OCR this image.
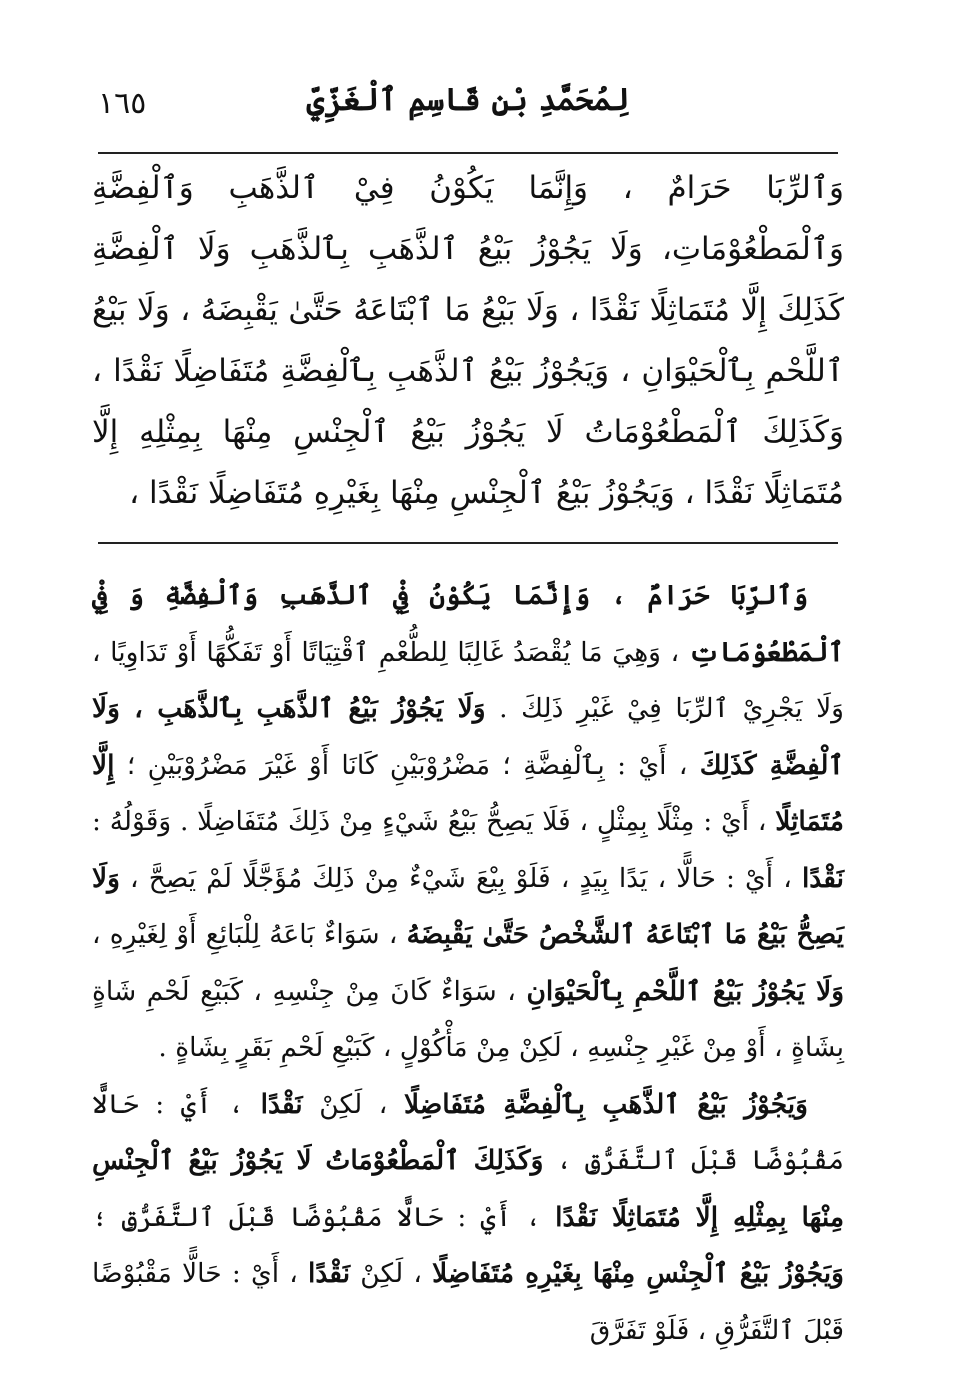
١٦٥	لِمُحَمَّدِ بْنِ قَاسِمِ ٱلْغَزِّيِّ

وَٱلرِّبَا حَرَامٌ ، وَإِنَّمَا يَكُوْنُ فِيْ ٱلذَّهَبِ وَٱلْفِضَّةِ وَٱلْمَطْعُوْمَاتِ، وَلَا يَجُوْزُ بَيْعُ ٱلذَّهَبِ بِٱلذَّهَبِ وَلَا ٱلْفِضَّةِ كَذَلِكَ إِلَّا مُتَمَاثِلًا نَقْدًا ، وَلَا بَيْعُ مَا ٱبْتَاعَهُ حَتَّىٰ يَقْبِضَهُ ، وَلَا بَيْعُ ٱللَّحْمِ بِٱلْحَيْوَانِ ، وَيَجُوْزُ بَيْعُ ٱلذَّهَبِ بِٱلْفِضَّةِ مُتَفَاضِلًا نَقْدًا ، وَكَذَلِكَ ٱلْمَطْعُوْمَاتُ لَا يَجُوْزُ بَيْعُ ٱلْجِنْسِ مِنْهَا بِمِثْلِهِ إِلَّا مُتَمَاثِلًا نَقْدًا ، وَيَجُوْزُ بَيْعُ ٱلْجِنْسِ مِنْهَا بِغَيْرِهِ مُتَفَاضِلًا نَقْدًا ،

وَٱلرِّبَا حَرَامٌ ، وَإِنَّمَا يَكُوْنُ فِيْ ٱلذَّهَبِ وَٱلْفِضَّةِ وَ فِيْ ٱلْمَطْعُوْمَاتِ ، وَهِيَ مَا يُقْصَدُ غَالِبًا لِلطُّعْمِ ٱقْتِيَاتًا أَوْ تَفَكُّهًا أَوْ تَدَاوِيًا ، وَلَا يَجْرِيْ ٱلرِّبَا فِيْ غَيْرِ ذَلِكَ . وَلَا يَجُوْزُ بَيْعُ ٱلذَّهَبِ بِٱلذَّهَبِ ، وَلَا ٱلْفِضَّةِ كَذَلِكَ ، أَيْ : بِٱلْفِضَّةِ ؛ مَضْرُوْبَيْنِ كَانَا أَوْ غَيْرَ مَضْرُوْبَيْنِ ؛ إِلَّا مُتَمَاثِلًا ، أَيْ : مِثْلًا بِمِثْلٍ ، فَلَا يَصِحُّ بَيْعُ شَيْءٍ مِنْ ذَلِكَ مُتَفَاضِلًا . وَقَوْلُهُ : نَقْدًا ، أَيْ : حَالًّا ، يَدًا بِيَدٍ ، فَلَوْ بِيْعَ شَيْءٌ مِنْ ذَلِكَ مُؤَجَّلًا لَمْ يَصِحَّ ، وَلَا يَصِحُّ بَيْعُ مَا ٱبْتَاعَهُ ٱلشَّخْصُ حَتَّىٰ يَقْبِضَهُ ، سَوَاءٌ بَاعَهُ لِلْبَائِعِ أَوْ لِغَيْرِهِ ، وَلَا يَجُوْزُ بَيْعُ ٱللَّحْمِ بِٱلْحَيْوَانِ ، سَوَاءٌ كَانَ مِنْ جِنْسِهِ ، كَبَيْعِ لَحْمِ شَاةٍ بِشَاةٍ ، أَوْ مِنْ غَيْرِ جِنْسِهِ ، لَكِنْ مِنْ مَأْكُوْلٍ ، كَبَيْعِ لَحْمِ بَقَرٍ بِشَاةٍ .

وَيَجُوْزُ بَيْعُ ٱلذَّهَبِ بِٱلْفِضَّةِ مُتَفَاضِلًا ، لَكِنْ نَقْدًا ، أَيْ : حَالًّا مَقْبُوْضًا قَبْلَ ٱلتَّفَرُّقِ ، وَكَذَلِكَ ٱلْمَطْعُوْمَاتُ لَا يَجُوْزُ بَيْعُ ٱلْجِنْسِ مِنْهَا بِمِثْلِهِ إِلَّا مُتَمَاثِلًا نَقْدًا ، أَيْ : حَالًّا مَقْبُوْضًا قَبْلَ ٱلتَّفَرُّقِ ؛ وَيَجُوْزُ بَيْعُ ٱلْجِنْسِ مِنْهَا بِغَيْرِهِ مُتَفَاضِلًا ، لَكِنْ نَقْدًا ، أَيْ : حَالًّا مَقْبُوْضًا قَبْلَ ٱلتَّفَرُّقِ ، فَلَوْ تَفَرَّقَ
